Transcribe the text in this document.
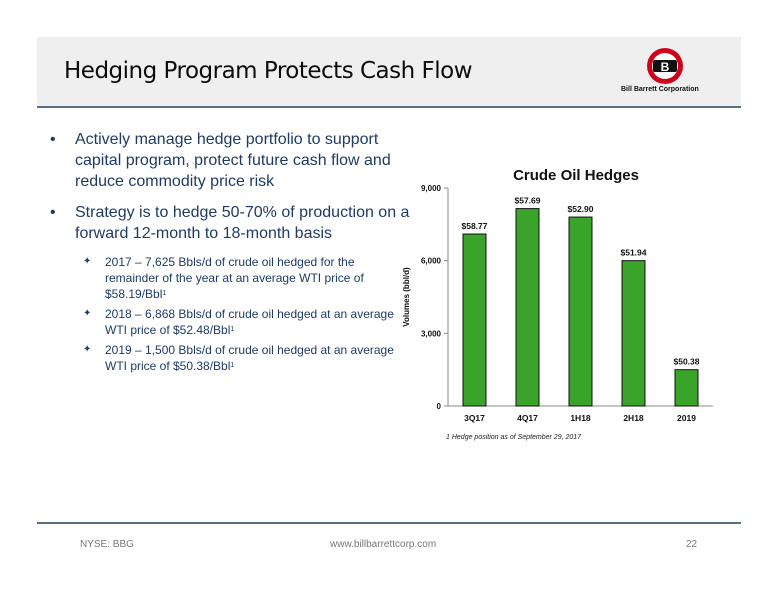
Hedging Program Protects Cash Flow	B
Bill Barrett Corporation
• Actively manage hedge portfolio to support capital program, protect future cash flow and reduce commodity price risk
• Strategy is to hedge 50-70% of production on a forward 12-month to 18-month basis
✦ 2017 – 7,625 Bbls/d of crude oil hedged for the remainder of the year at an average WTI price of $58.19/Bbl$^1$
✦ 2018 – 6,868 Bbls/d of crude oil hedged at an average WTI price of $52.48/Bbl$^1$
✦ 2019 – 1,500 Bbls/d of crude oil hedged at an average WTI price of $50.38/Bbl$^1$
Crude Oil Hedges
0
3,000
6,000
9,000
Volumes (bbl/d)
$58.77
3Q17
$57.69
4Q17
$52.90
1H18
$51.94
2H18
$50.38
2019
$^1$ Hedge position as of September 29, 2017
NYSE: BBG	www.billbarrettcorp.com	22
